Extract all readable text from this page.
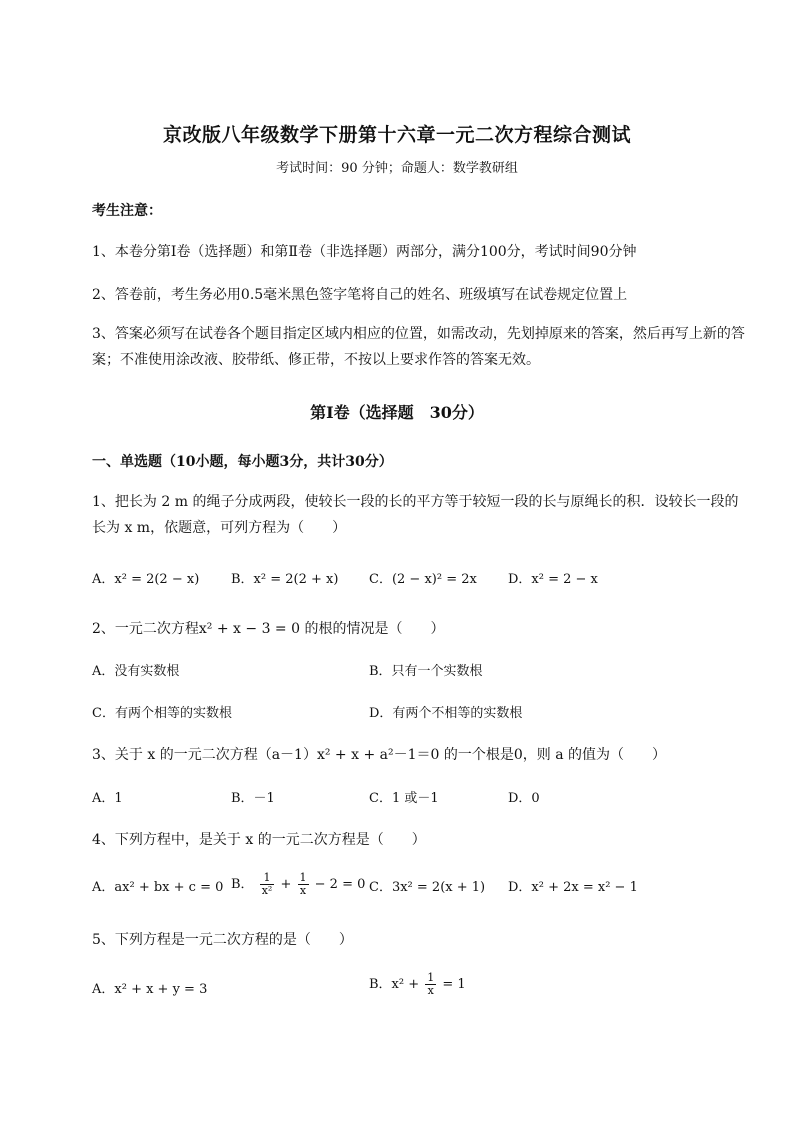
京改版八年级数学下册第十六章一元二次方程综合测试
考试时间：90 分钟；命题人：数学教研组
考生注意：
1、本卷分第Ⅰ卷（选择题）和第Ⅱ卷（非选择题）两部分，满分100分，考试时间90分钟
2、答卷前，考生务必用0.5毫米黑色签字笔将自己的姓名、班级填写在试卷规定位置上
3、答案必须写在试卷各个题目指定区域内相应的位置，如需改动，先划掉原来的答案，然后再写上新的答案；不准使用涂改液、胶带纸、修正带，不按以上要求作答的答案无效。
第Ⅰ卷（选择题　30分）
一、单选题（10小题，每小题3分，共计30分）
1、把长为 2 m 的绳子分成两段，使较长一段的长的平方等于较短一段的长与原绳长的积．设较长一段的长为 x m，依题意，可列方程为（　　）
A．x² = 2(2 − x) B．x² = 2(2 + x) C．(2 − x)² = 2x D．x² = 2 − x
2、一元二次方程x² + x − 3 = 0 的根的情况是（　　）
A．没有实数根	B．只有一个实数根
C．有两个相等的实数根	D．有两个不相等的实数根
3、关于 x 的一元二次方程（a－1）x² + x + a²－1＝0 的一个根是0，则 a 的值为（　　）
A．1	B．－1	C．1 或－1	D．0
4、下列方程中，是关于 x 的一元二次方程是（　　）
A．ax² + bx + c = 0 B． $\frac{1}{\text{x²}} + \frac{1}{x} - 2 = 0$ C．3x² = 2(x + 1) D．x² + 2x = x² − 1
5、下列方程是一元二次方程的是（　　）
A．x² + x + y = 3	B．$x^2 + \frac{1}{x} = 1$
